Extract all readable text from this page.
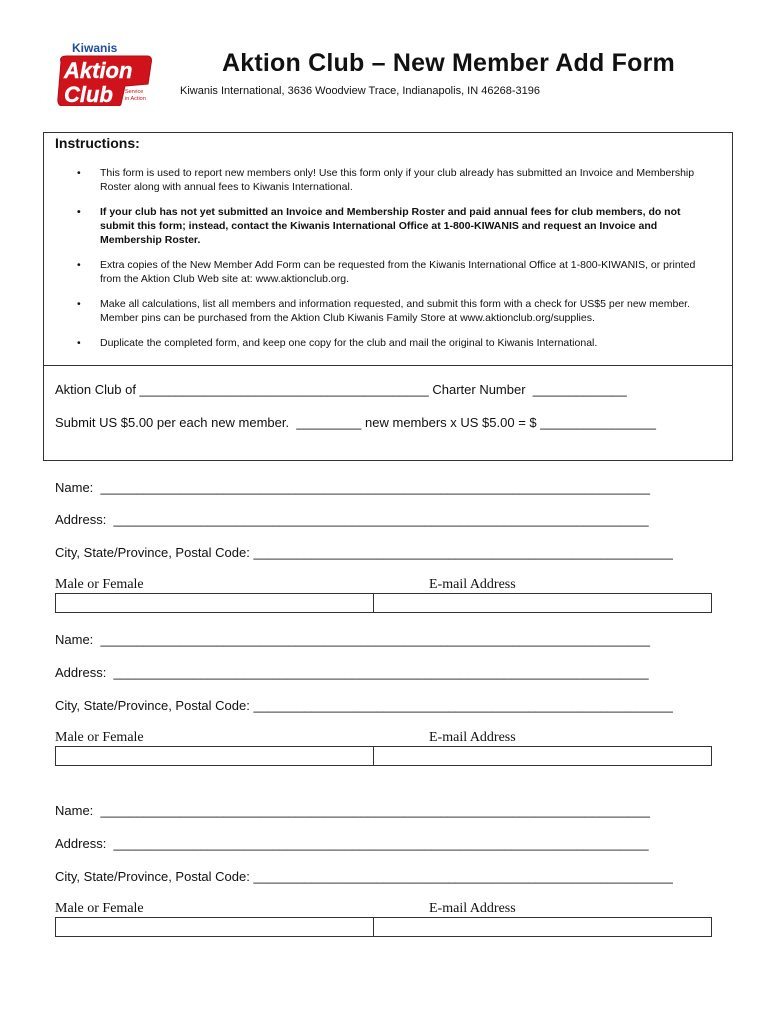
Kiwanis
Aktion
Club Service
in Action
Aktion Club – New Member Add Form
Kiwanis International, 3636 Woodview Trace, Indianapolis, IN 46268-3196
Instructions:
• This form is used to report new members only! Use this form only if your club already has submitted an Invoice and Membership Roster along with annual fees to Kiwanis International.
• If your club has not yet submitted an Invoice and Membership Roster and paid annual fees for club members, do not submit this form; instead, contact the Kiwanis International Office at 1-800-KIWANIS and request an Invoice and Membership Roster.
• Extra copies of the New Member Add Form can be requested from the Kiwanis International Office at 1-800-KIWANIS, or printed from the Aktion Club Web site at: www.aktionclub.org.
• Make all calculations, list all members and information requested, and submit this form with a check for US$5 per new member. Member pins can be purchased from the Aktion Club Kiwanis Family Store at www.aktionclub.org/supplies.
• Duplicate the completed form, and keep one copy for the club and mail the original to Kiwanis International.
Aktion Club of ________________________________________ Charter Number  _____________
Submit US $5.00 per each new member.  _________ new members x US $5.00 = $ ________________
Name:  ____________________________________________________________________________
Address:  __________________________________________________________________________
City, State/Province, Postal Code: __________________________________________________________
Male or Female	E-mail Address
Name:  ____________________________________________________________________________
Address:  __________________________________________________________________________
City, State/Province, Postal Code: __________________________________________________________
Male or Female	E-mail Address
Name:  ____________________________________________________________________________
Address:  __________________________________________________________________________
City, State/Province, Postal Code: __________________________________________________________
Male or Female	E-mail Address
